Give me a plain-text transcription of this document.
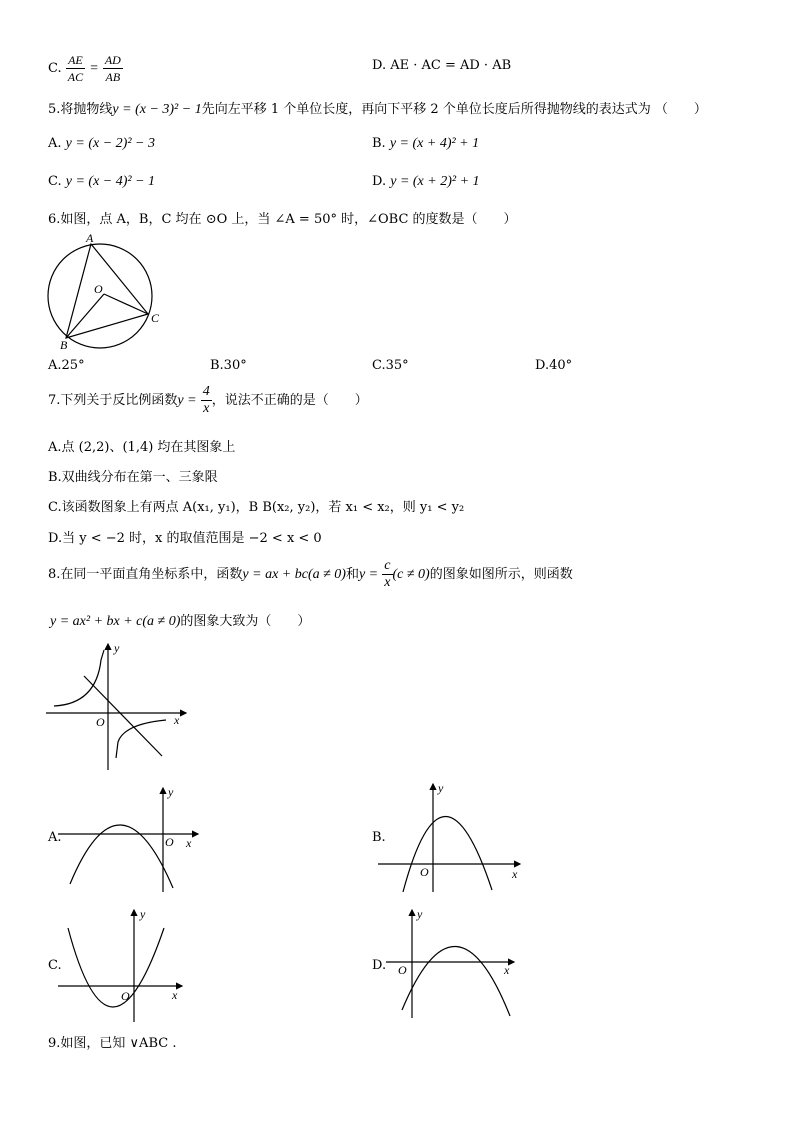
C. $\frac{AE}{AC} = \frac{AD}{AB}$	D. AE · AC = AD · AB
5.将抛物线y = (x − 3)² − 1先向左平移 1 个单位长度，再向下平移 2 个单位长度后所得抛物线的表达式为 （　　）
A. y = (x − 2)² − 3	B. y = (x + 4)² + 1
C. y = (x − 4)² − 1	D. y = (x + 2)² + 1
6.如图，点 A，B，C 均在 ⊙O 上，当 ∠A = 50° 时，∠OBC 的度数是（　　）
A
O
B
C
A.25°	B.30°	C.35°	D.40°
7.下列关于反比例函数$y = \frac{4}{x}$ ，说法不正确的是（　　）
A.点 (2,2)、(1,4) 均在其图象上
B.双曲线分布在第一、三象限
C.该函数图象上有两点 A(x₁, y₁)，B B(x₂, y₂)，若 x₁ < x₂，则 y₁ < y₂
D.当 y < −2 时，x 的取值范围是 −2 < x < 0
8.在同一平面直角坐标系中，函数y = ax + bc(a ≠ 0)和$y = \frac{c}{x} (c \ne 0)$的图象如图所示，则函数
y = ax² + bx + c(a ≠ 0)的图象大致为（　　）
y
x
O
A.
y
x
O	B.
y
x
O
C.
y
x
O
D.
y
x
O
9.如图，已知 ∨ABC .
